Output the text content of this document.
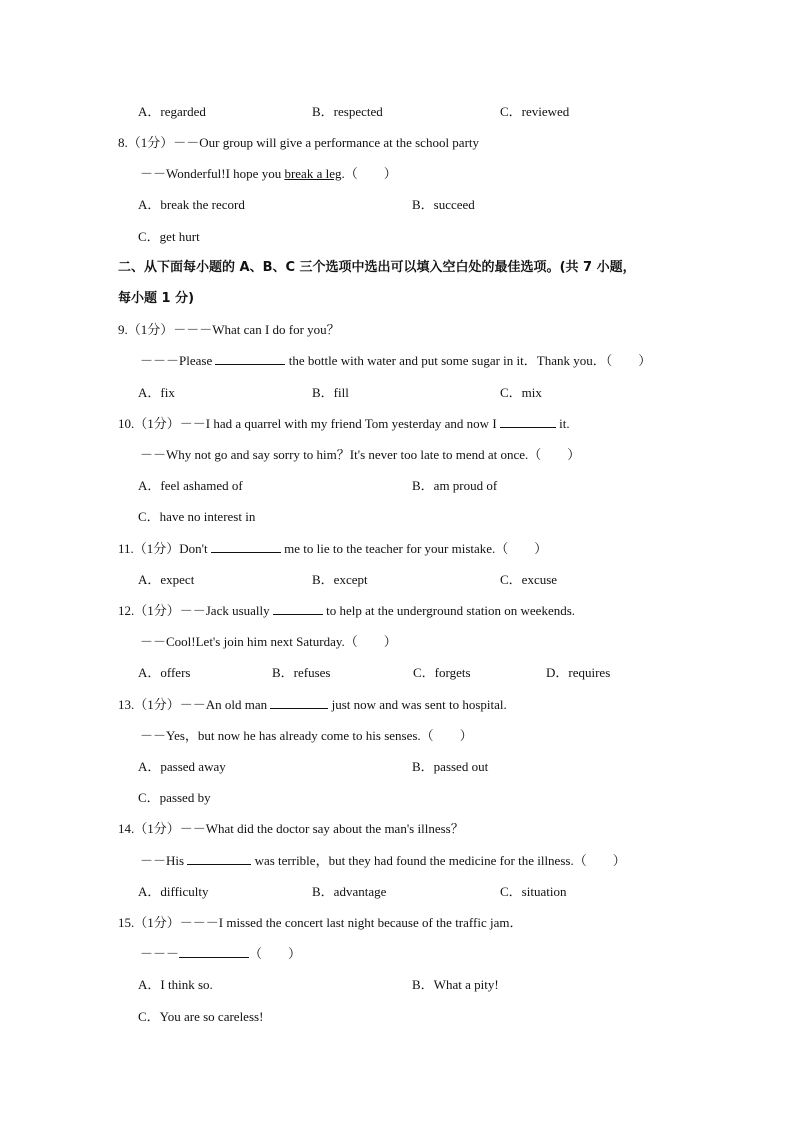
A．regarded	B．respected	C．reviewed
8.（1分）－－Our group will give a performance at the school party
－－Wonderful!I hope you break a leg.（　　）
A．break the record	B．succeed
C．get hurt
二、从下面每小题的 A、B、C 三个选项中选出可以填入空白处的最佳选项。(共 7 小题，
每小题 1 分)
9.（1分）－－－What can I do for you？
－－－Please	the bottle with water and put some sugar in it．Thank you．（　　）
A．fix	B．fill	C．mix
10.（1分）－－I had a quarrel with my friend Tom yesterday and now I	it.
－－Why not go and say sorry to him？It's never too late to mend at once.（　　）
A．feel ashamed of	B．am proud of
C．have no interest in
11.（1分）Don't	me to lie to the teacher for your mistake.（　　）
A．expect	B．except	C．excuse
12.（1分）－－Jack usually	to help at the underground station on weekends.
－－Cool!Let's join him next Saturday.（　　）
A．offers	B．refuses	C．forgets	D．requires
13.（1分）－－An old man	just now and was sent to hospital.
－－Yes，but now he has already come to his senses.（　　）
A．passed away	B．passed out
C．passed by
14.（1分）－－What did the doctor say about the man's illness？
－－His	was terrible，but they had found the medicine for the illness.（　　）
A．difficulty	B．advantage	C．situation
15.（1分）－－－I missed the concert last night because of the traffic jam．
－－－	（　　）
A．I think so.	B．What a pity!
C．You are so careless!
